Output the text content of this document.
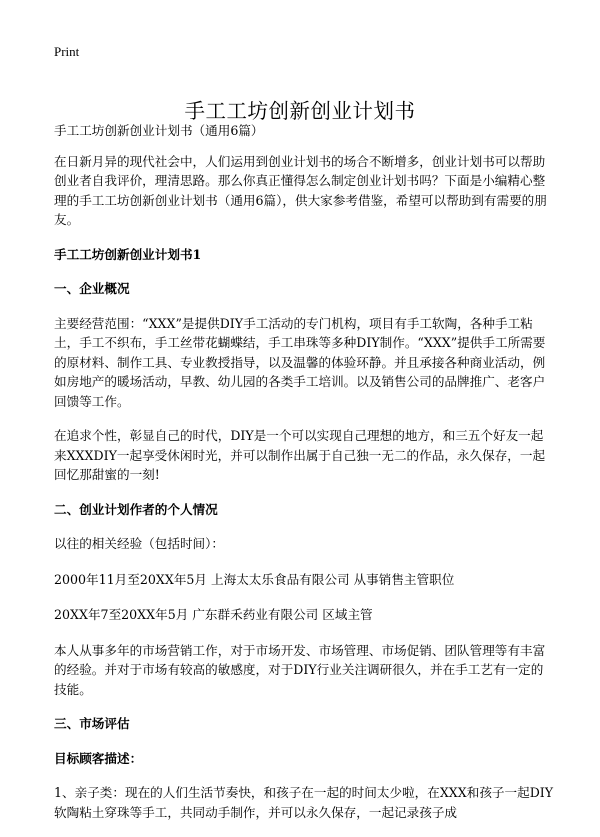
Print
手工工坊创新创业计划书

手工工坊创新创业计划书（通用6篇）

在日新月异的现代社会中，人们运用到创业计划书的场合不断增多，创业计划书可以帮助创业者自我评价，理清思路。那么你真正懂得怎么制定创业计划书吗？下面是小编精心整理的手工工坊创新创业计划书（通用6篇），供大家参考借鉴，希望可以帮助到有需要的朋友。

手工工坊创新创业计划书1

一、企业概况

主要经营范围：“XXX”是提供DIY手工活动的专门机构，项目有手工软陶，各种手工粘土，手工不织布，手工丝带花蝴蝶结，手工串珠等多种DIY制作。“XXX”提供手工所需要的原材料、制作工具、专业教授指导，以及温馨的体验环静。并且承接各种商业活动，例如房地产的暖场活动，早教、幼儿园的各类手工培训。以及销售公司的品牌推广、老客户回馈等工作。

在追求个性，彰显自己的时代，DIY是一个可以实现自己理想的地方，和三五个好友一起来XXXDIY一起享受休闲时光，并可以制作出属于自己独一无二的作品，永久保存，一起回忆那甜蜜的一刻!

二、创业计划作者的个人情况

以往的相关经验（包括时间）：

2000年11月至20XX年5月 上海太太乐食品有限公司 从事销售主管职位

20XX年7至20XX年5月 广东群禾药业有限公司 区域主管

本人从事多年的市场营销工作，对于市场开发、市场管理、市场促销、团队管理等有丰富的经验。并对于市场有较高的敏感度，对于DIY行业关注调研很久，并在手工艺有一定的技能。

三、市场评估

目标顾客描述：

1、亲子类：现在的人们生活节奏快，和孩子在一起的时间太少啦，在XXX和孩子一起DIY软陶粘土穿珠等手工，共同动手制作，并可以永久保存，一起记录孩子成
